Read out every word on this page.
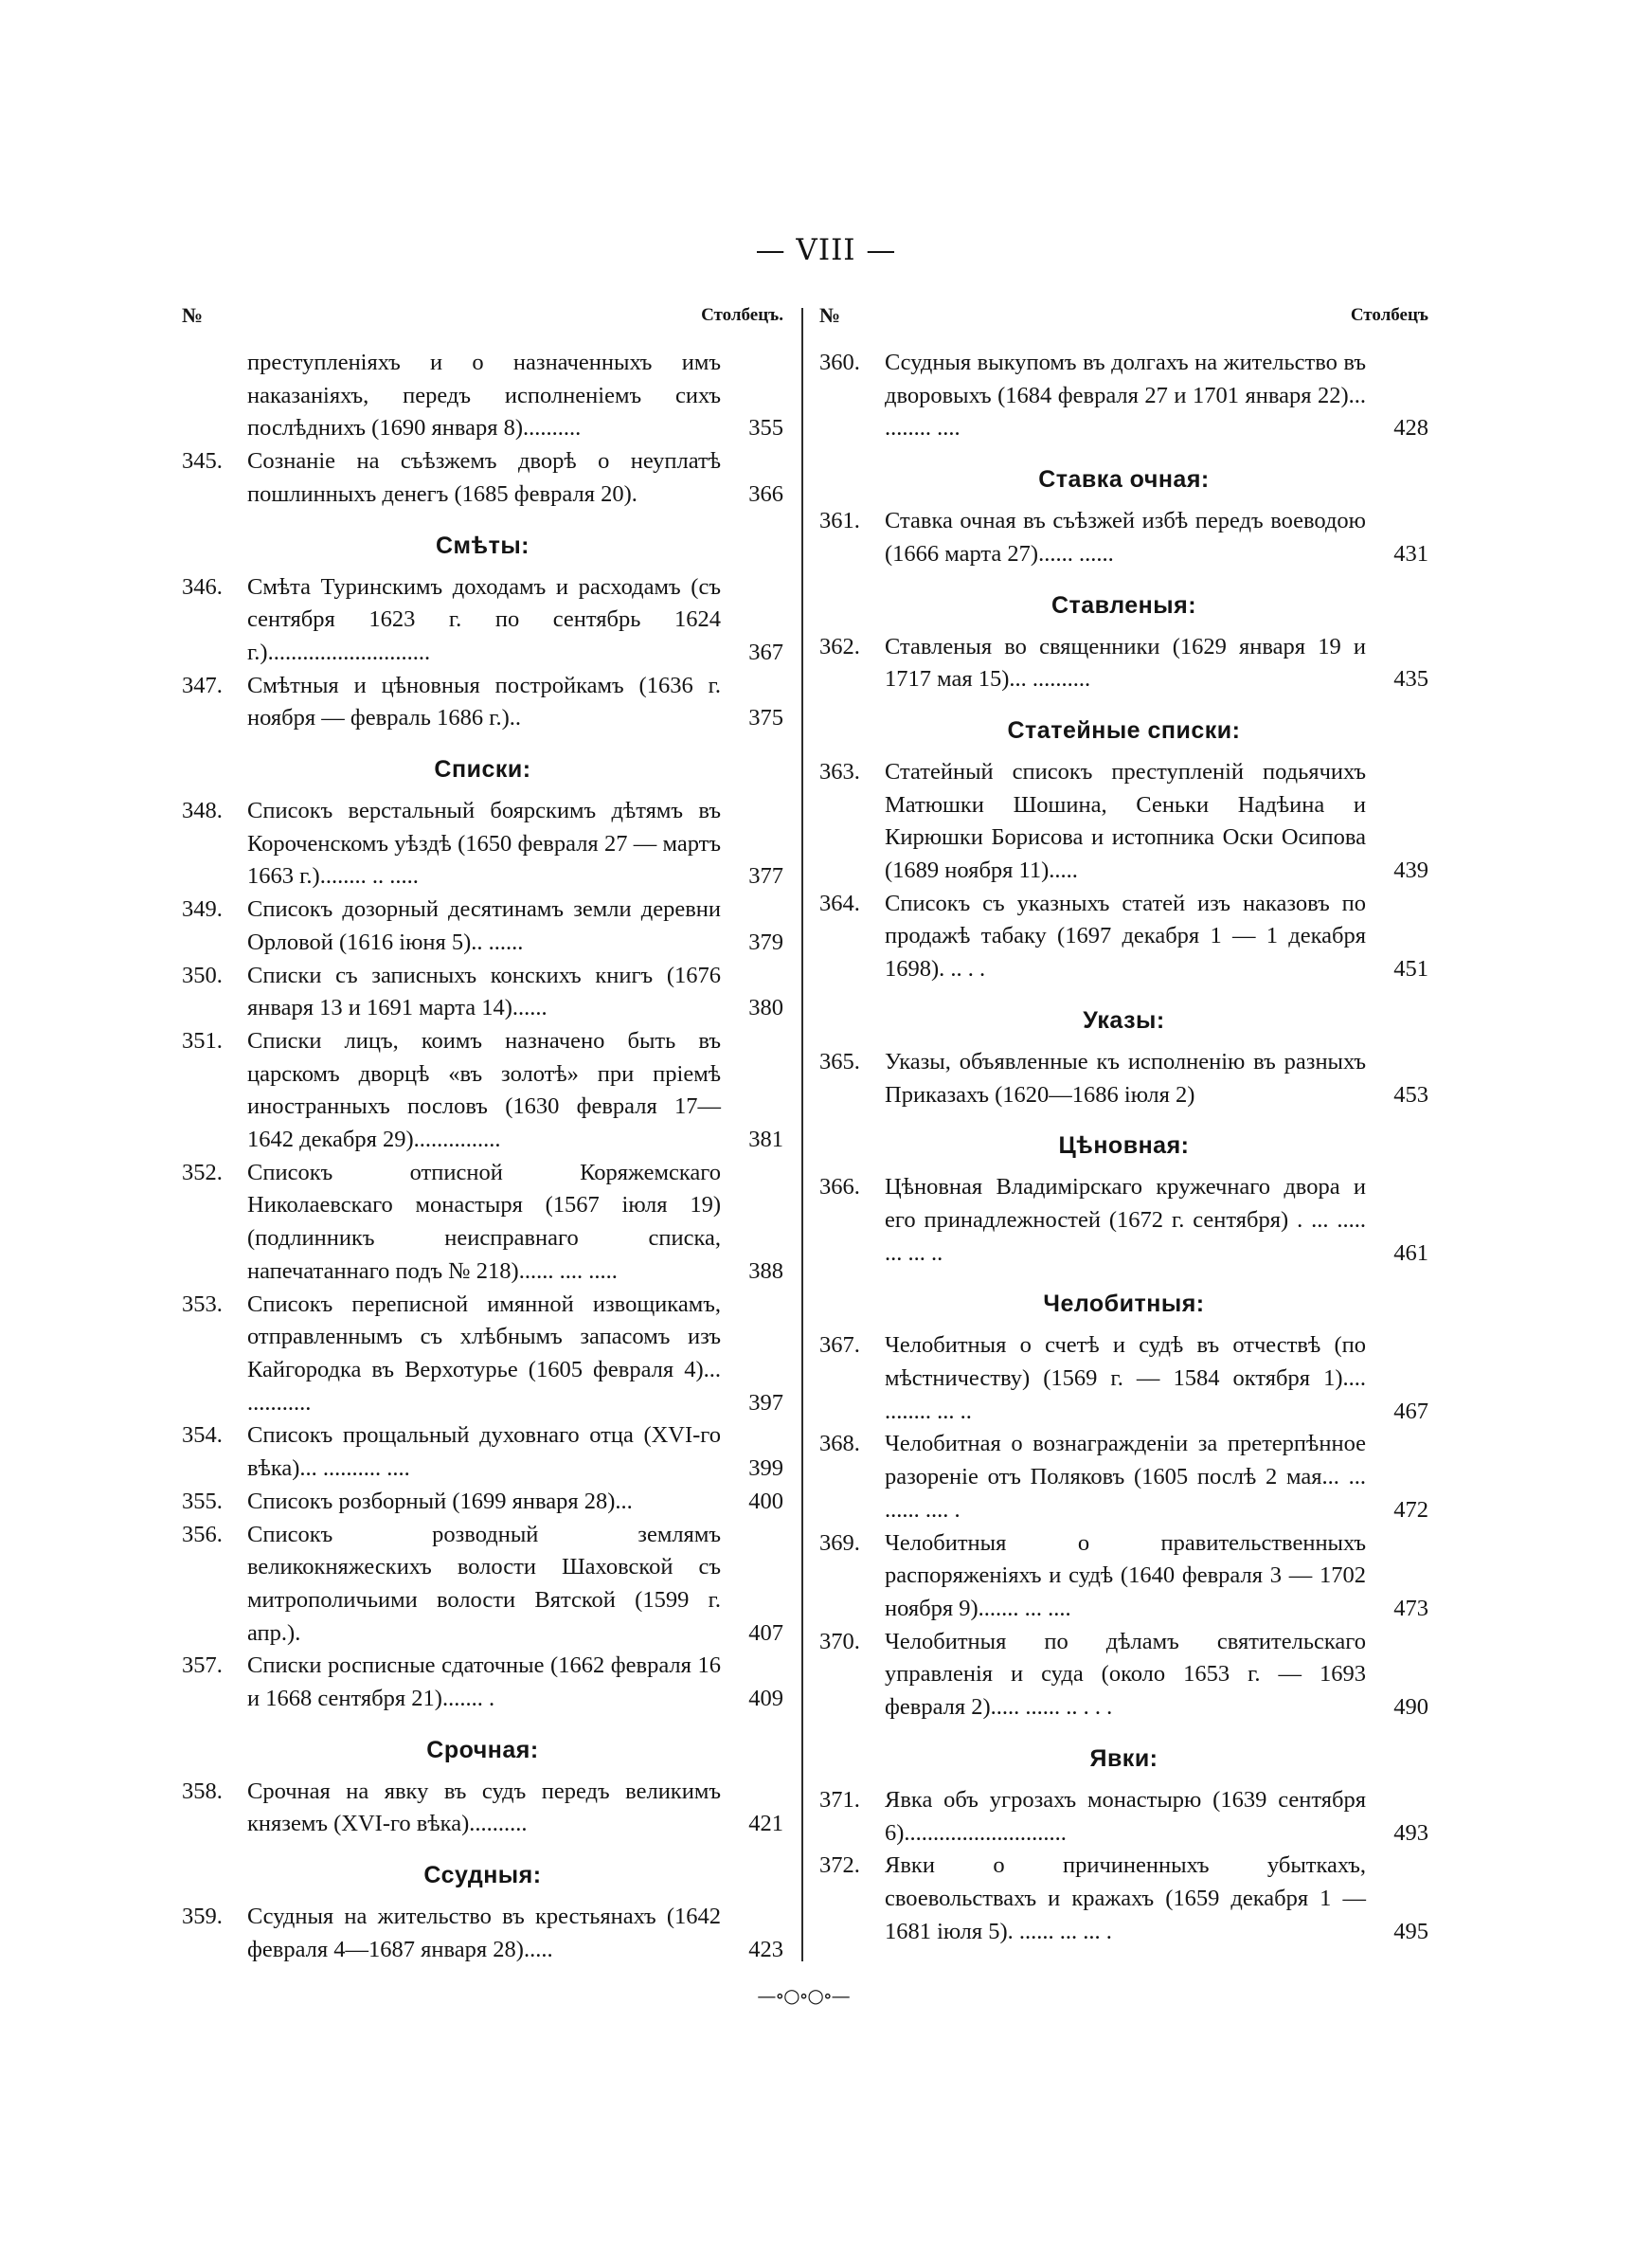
— VIII —
№	Столбецъ.
преступленіяхъ и о назначенныхъ имъ наказаніяхъ, передъ исполненіемъ сихъ послѣднихъ (1690 января 8)..........	355
345.	Сознаніе на съѣзжемъ дворѣ о неуплатѣ пошлинныхъ денегъ (1685 февраля 20).	366
Смѣты:
346.	Смѣта Туринскимъ доходамъ и расходамъ (съ сентября 1623 г. по сентябрь 1624 г.)............................	367
347.	Смѣтныя и цѣновныя постройкамъ (1636 г. ноября — февраль 1686 г.)..	375
Списки:
348.	Списокъ верстальный боярскимъ дѣтямъ въ Короченскомъ уѣздѣ (1650 февраля 27 — мартъ 1663 г.)........ .. .....	377
349.	Списокъ дозорный десятинамъ земли деревни Орловой (1616 іюня 5).. ......	379
350.	Списки съ записныхъ конскихъ книгъ (1676 января 13 и 1691 марта 14)......	380
351.	Списки лицъ, коимъ назначено быть въ царскомъ дворцѣ «въ золотѣ» при пріемѣ иностранныхъ пословъ (1630 февраля 17—1642 декабря 29)...............	381
352.	Списокъ отписной Коряжемскаго Николаевскаго монастыря (1567 іюля 19) (подлинникъ неисправнаго списка, напечатаннаго подъ № 218)...... .... .....	388
353.	Списокъ переписной имянной извощикамъ, отправленнымъ съ хлѣбнымъ запасомъ изъ Кайгородка въ Верхотурье (1605 февраля 4)... ...........	397
354.	Списокъ прощальный духовнаго отца (XVI-го вѣка)... .......... ....	399
355.	Списокъ розборный (1699 января 28)...	400
356.	Списокъ розводный землямъ великокняжескихъ волости Шаховской съ митрополичьими волости Вятской (1599 г. апр.).	407
357.	Списки росписные сдаточные (1662 февраля 16 и 1668 сентября 21)....... .	409
Срочная:
358.	Срочная на явку въ судъ передъ великимъ княземъ (XVI-го вѣка)..........	421
Ссудныя:
359.	Ссудныя на жительство въ крестьянахъ (1642 февраля 4—1687 января 28).....	423
№	Столбецъ
360.	Ссудныя выкупомъ въ долгахъ на жительство въ дворовыхъ (1684 февраля 27 и 1701 января 22)... ........ ....	428
Ставка очная:
361.	Ставка очная въ съѣзжей избѣ передъ воеводою (1666 марта 27)...... ......	431
Ставленыя:
362.	Ставленыя во священники (1629 января 19 и 1717 мая 15)... ..........	435
Статейные списки:
363.	Статейный списокъ преступленій подьячихъ Матюшки Шошина, Сеньки Надѣина и Кирюшки Борисова и истопника Оски Осипова (1689 ноября 11).....	439
364.	Списокъ съ указныхъ статей изъ наказовъ по продажѣ табаку (1697 декабря 1 — 1 декабря 1698). .. . .	451
Указы:
365.	Указы, объявленные къ исполненію въ разныхъ Приказахъ (1620—1686 іюля 2)	453
Цѣновная:
366.	Цѣновная Владимірскаго кружечнаго двора и его принадлежностей (1672 г. сентября) . ... ..... ... ... ..	461
Челобитныя:
367.	Челобитныя о счетѣ и судѣ въ отчествѣ (по мѣстничеству) (1569 г. — 1584 октября 1).... ........ ... ..	467
368.	Челобитная о вознагражденіи за претерпѣнное разореніе отъ Поляковъ (1605 послѣ 2 мая... ... ...... .... .	472
369.	Челобитныя о правительственныхъ распоряженіяхъ и судѣ (1640 февраля 3 — 1702 ноября 9)....... ... ....	473
370.	Челобитныя по дѣламъ святительскаго управленія и суда (около 1653 г. — 1693 февраля 2)..... ...... .. . . .	490
Явки:
371.	Явка объ угрозахъ монастырю (1639 сентября 6)............................	493
372.	Явки о причиненныхъ убыткахъ, своевольствахъ и кражахъ (1659 декабря 1 — 1681 іюля 5). ...... ... ... .	495
—∘○∘○∘—
